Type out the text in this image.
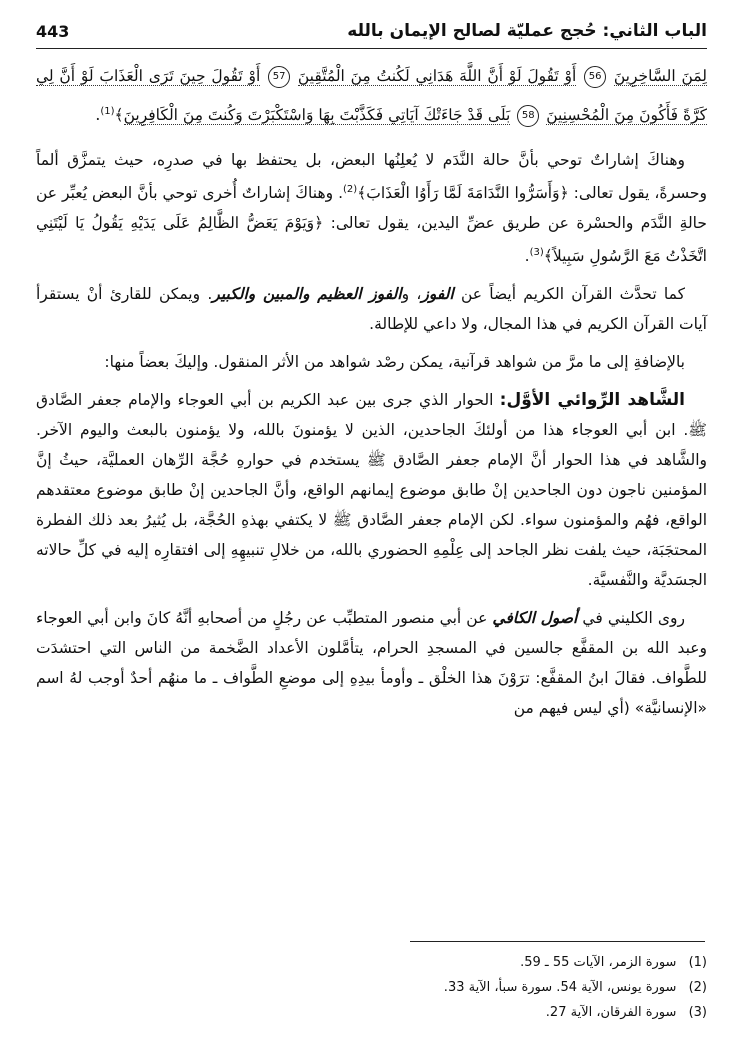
الباب الثاني: حُجج عمليّة لصالح الإيمان بالله
443

لِمَنَ السَّاخِرِينَ 56 أَوْ تَقُولَ لَوْ أَنَّ اللَّهَ هَدَانِي لَكُنتُ مِنَ الْمُتَّقِينَ 57 أَوْ تَقُولَ حِينَ تَرَى الْعَذَابَ لَوْ أَنَّ لِي كَرَّةً فَأَكُونَ مِنَ الْمُحْسِنِينَ 58 بَلَى قَدْ جَاءَتْكَ آيَاتِي فَكَذَّبْتَ بِهَا وَاسْتَكْبَرْتَ وَكُنتَ مِنَ الْكَافِرِينَ﴾$^{(1)}$.

وهناكَ إشاراتٌ توحي بأنَّ حالة النَّدَم لا يُعلِنُها البعض، بل يحتفظ بها في صدرِه، حيث يتمزَّق ألماً وحسرةً، يقول تعالى: ﴿وَأَسَرُّوا النَّدَامَةَ لَمَّا رَأَوُا الْعَذَابَ﴾$^{(2)}$. وهناكَ إشاراتٌ أُخرى توحي بأنَّ البعض يُعبِّر عن حالةِ النَّدَم والحسْرة عن طريق عضِّ اليدين، يقول تعالى: ﴿وَيَوْمَ يَعَضُّ الظَّالِمُ عَلَى يَدَيْهِ يَقُولُ يَا لَيْتَنِي اتَّخَذْتُ مَعَ الرَّسُولِ سَبِيلاً﴾$^{(3)}$.

كما تحدَّث القرآن الكريم أيضاً عن الفوز، والفوز العظيم والمبين والكبير. ويمكن للقارئ أنْ يستقرأ آيات القرآن الكريم في هذا المجال، ولا داعي للإطالة.

بالإضافةِ إلى ما مرَّ من شواهد قرآنية، يمكن رصْد شواهد من الأثر المنقول. وإليكَ بعضاً منها:

الشَّاهد الرِّوائي الأوَّل: الحوار الذي جرى بين عبد الكريم بن أبي العوجاء والإمام جعفر الصَّادق ﷺ. ابن أبي العوجاء هذا من أولئكَ الجاحدين، الذين لا يؤمنونَ بالله، ولا يؤمنون بالبعث واليوم الآخر. والشَّاهد في هذا الحوار أنَّ الإمام جعفر الصَّادق ﷺ يستخدم في حوارهِ حُجَّة الرِّهان العمليَّة، حيثُ إنَّ المؤمنين ناجون دون الجاحدين إنْ طابق موضوع إيمانهم الواقع، وأنَّ الجاحدين إنْ طابق موضوع معتقدهم الواقع، فهُم والمؤمنون سواء. لكن الإمام جعفر الصَّادق ﷺ لا يكتفي بهذهِ الحُجَّة، بل يُثيرُ بعد ذلك الفطرة المحتجَبَة، حيث يلفت نظر الجاحد إلى عِلْمِهِ الحضوري بالله، من خلالِ تنبيهِهِ إلى افتقارِه إليه في كلِّ حالاته الجسَديَّة والنَّفسيَّة.

روى الكليني في أصول الكافي عن أبي منصور المتطبِّب عن رجُلٍ من أصحابهِ أنَّهُ كانَ وابن أبي العوجاء وعبد الله بن المقفَّع جالسين في المسجدِ الحرام، يتأمَّلون الأعداد الضَّخمة من الناس التي احتشدَت للطَّواف. فقالَ ابنُ المقفَّع: ترَوْنَ هذا الخلْق ـ وأومأ بيدِهِ إلى موضعِ الطَّواف ـ ما منهُم أحدٌ أوجب لهُ اسم «الإنسانيَّة» (أي ليس فيهم من

(1) سورة الزمر، الآيات 55 ـ 59.
(2) سورة يونس، الآية 54. سورة سبأ، الآية 33.
(3) سورة الفرقان، الآية 27.
